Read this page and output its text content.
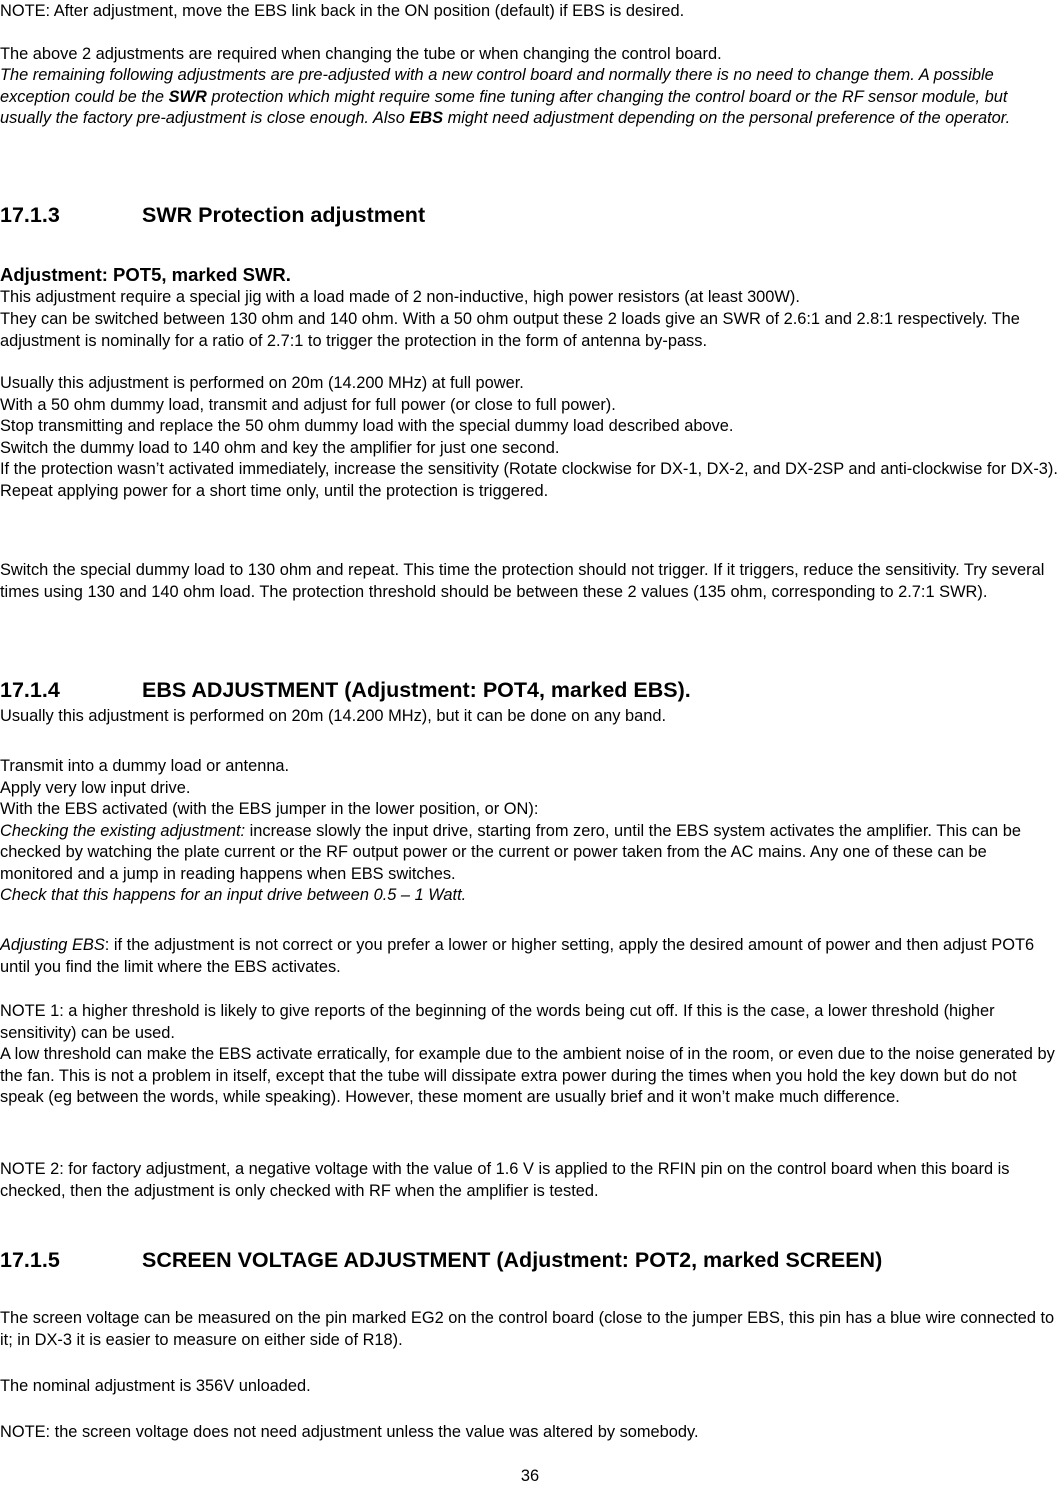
NOTE: After adjustment, move the EBS link back in the ON position (default) if EBS is desired.

The above 2 adjustments are required when changing the tube or when changing the control board.

The remaining following adjustments are pre-adjusted with a new control board and normally there is no need to change them. A possible exception could be the SWR protection which might require some fine tuning after changing the control board or the RF sensor module, but usually the factory pre-adjustment is close enough. Also EBS might need adjustment depending on the personal preference of the operator.

17.1.3	SWR Protection adjustment

Adjustment: POT5, marked SWR.

This adjustment require a special jig with a load made of 2 non-inductive, high power resistors (at least 300W).

They can be switched between 130 ohm and 140 ohm. With a 50 ohm output these 2 loads give an SWR of 2.6:1 and 2.8:1 respectively. The adjustment is nominally for a ratio of 2.7:1 to trigger the protection in the form of antenna by-pass.

Usually this adjustment is performed on 20m (14.200 MHz) at full power.

With a 50 ohm dummy load, transmit and adjust for full power (or close to full power).

Stop transmitting and replace the 50 ohm dummy load with the special dummy load described above.

Switch the dummy load to 140 ohm and key the amplifier for just one second.

If the protection wasn’t activated immediately, increase the sensitivity (Rotate clockwise for DX-1, DX-2, and DX-2SP and anti-clockwise for DX-3).

Repeat applying power for a short time only, until the protection is triggered.

Switch the special dummy load to 130 ohm and repeat. This time the protection should not trigger. If it triggers, reduce the sensitivity. Try several times using 130 and 140 ohm load. The protection threshold should be between these 2 values (135 ohm, corresponding to 2.7:1 SWR).

17.1.4	EBS ADJUSTMENT (Adjustment: POT4, marked EBS).

Usually this adjustment is performed on 20m (14.200 MHz), but it can be done on any band.

Transmit into a dummy load or antenna.

Apply very low input drive.

With the EBS activated (with the EBS jumper in the lower position, or ON):

Checking the existing adjustment: increase slowly the input drive, starting from zero, until the EBS system activates the amplifier. This can be checked by watching the plate current or the RF output power or the current or power taken from the AC mains. Any one of these can be monitored and a jump in reading happens when EBS switches.

Check that this happens for an input drive between 0.5 – 1 Watt.

Adjusting EBS: if the adjustment is not correct or you prefer a lower or higher setting, apply the desired amount of power and then adjust POT6 until you find the limit where the EBS activates.

NOTE 1: a higher threshold is likely to give reports of the beginning of the words being cut off. If this is the case, a lower threshold (higher sensitivity) can be used.

A low threshold can make the EBS activate erratically, for example due to the ambient noise of in the room, or even due to the noise generated by the fan. This is not a problem in itself, except that the tube will dissipate extra power during the times when you hold the key down but do not speak (eg between the words, while speaking). However, these moment are usually brief and it won’t make much difference.

NOTE 2: for factory adjustment, a negative voltage with the value of 1.6 V is applied to the RFIN pin on the control board when this board is checked, then the adjustment is only checked with RF when the amplifier is tested.

17.1.5	SCREEN VOLTAGE ADJUSTMENT (Adjustment: POT2, marked SCREEN)

The screen voltage can be measured on the pin marked EG2 on the control board (close to the jumper EBS, this pin has a blue wire connected to it; in DX-3 it is easier to measure on either side of R18).

The nominal adjustment is 356V unloaded.

NOTE: the screen voltage does not need adjustment unless the value was altered by somebody.

36
